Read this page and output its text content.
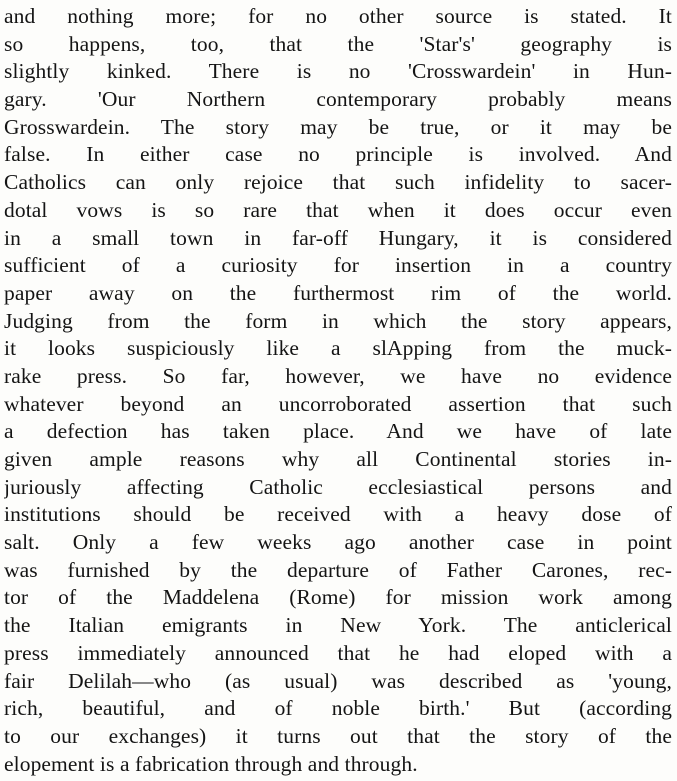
and nothing more; for no other source is stated. It
so happens, too, that the 'Star's' geography is
slightly kinked. There is no 'Crosswardein' in Hun-
gary. 'Our Northern contemporary probably means
Grosswardein. The story may be true, or it may be
false. In either case no principle is involved. And
Catholics can only rejoice that such infidelity to sacer-
dotal vows is so rare that when it does occur even
in a small town in far-off Hungary, it is considered
sufficient of a curiosity for insertion in a country
paper away on the furthermost rim of the world.
Judging from the form in which the story appears,
it looks suspiciously like a slApping from the muck-
rake press. So far, however, we have no evidence
whatever beyond an uncorroborated assertion that such
a defection has taken place. And we have of late
given ample reasons why all Continental stories in-
juriously affecting Catholic ecclesiastical persons and
institutions should be received with a heavy dose of
salt. Only a few weeks ago another case in point
was furnished by the departure of Father Carones, rec-
tor of the Maddelena (Rome) for mission work among
the Italian emigrants in New York. The anticlerical
press immediately announced that he had eloped with a
fair Delilah—who (as usual) was described as 'young,
rich, beautiful, and of noble birth.' But (according
to our exchanges) it turns out that the story of the
elopement is a fabrication through and through.
